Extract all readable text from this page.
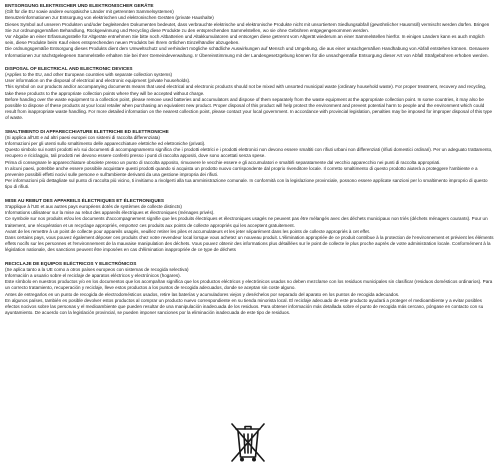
ENTSORGUNG ELEKTRISCHER UND ELEKTRONISCHER GERÄTE
(Gilt für die EU sowie andere europäische Länder mit getrennten Sammelsystemen)
Benutzerinformationen zur Entsorgung von elektrischen und elektronischen Geräten (private Haushalte)
Dieses Symbol auf unseren Produkten und/oder begleitenden Dokumenten bedeutet, dass verbrauchte elektrische und elektronische Produkte nicht mit unsortiertem Siedlungsabfall (gewöhnlicher Hausmüll) vermischt werden dürfen. Bringen Sie zur ordnungsgemäßen Behandlung, Rückgewinnung und Recycling diese Produkte zu den entsprechenden Sammelstellen, wo sie ohne Gebühren entgegengenommen werden.
Vor Abgabe an einer Erfassungsstelle für Altgeräte entnehmen Sie bitte noch Altbatterien und Altakkumulatoren und entsorgen diese getrennt vom Altgerät wiederum an einer Sammelstellen hierfür. In einigen Ländern kann es auch möglich sein, diese Produkte beim Kauf eines entsprechenden neuen Produkts bei Ihrem örtlichen Einzelhändler abzugeben.
Die ordnungsgemäße Entsorgung dieses Produkts dient dem Umweltschutz und verhindert mögliche schädliche Auswirkungen auf Mensch und Umgebung, die aus einer unsachgemäßen Handhabung von Abfall entstehen können. Genauere Informationen zur nächstgelegenen Sammelstelle erhalten Sie bei Ihrer Gemeindeverwaltung. Ir Übereinstimmung mit der Landesgesetzgebung können für die unsachgemäße Entsorgung dieser Art von Abfall Strafgebühren erhoben werden.
DISPOSAL OF ELECTRICAL AND ELECTRONIC DEVICES
(Applies to the EU, and other European countries with separate collection systems)
User information on the disposal of electrical and electronic equipment (private households).
This symbol on our products and/or accompanying documents means that used electrical and electronic products should not be mixed with unsorted municipal waste (ordinary household waste). For proper treatment, recovery and recycling, take these products to the appropriate collection points where they will be accepted without charge.
Before handing over the waste equipment to a collection point, please remove used batteries and accumulators and dispose of them separately from the waste equipment at the appropriate collection point. In some countries, it may also be possible to dispose of these products at your local retailer when purchasing an equivalent new product. Proper disposal of this product will help protect the environment and prevent potential harm to people and the environment which could result from inappropriate waste handling. For more detailed information on the nearest collection point, please contact your local government. In accordance with provincial legislation, penalties may be imposed for improper disposal of this type of waste.
SMALTIMENTO DI APPARECCHIATURE ELETTRICHE ED ELETTRONICHE
(Si applica all'UE e ad altri paesi europei con sistemi di raccolta differenziata)
Informazioni per gli utenti sullo smaltimento delle apparecchiature elettriche ed elettroniche (privati).
Questo simbolo sui nostri prodotti e/o sui documenti di accompagnamento significa che i prodotti elettrici e i prodotti elettronici non devono essere smaltiti con rifiuti urbani non differenziati (rifiuti domestici ordinari). Per un adeguato trattamento, recupero e riciclaggio, tali prodotti nei devono essere conferiti presso i punti di raccolta appositi, dove sono accettati senza spese.
Prima di consegnare le apparecchiature obsolete presso un punto di raccolta apposito, rimuovere le vecchie essere e gli accumulatori e smaltirli separatamente dal vecchio apparecchio nei punti di raccolta appropriati.
In alcuni paesi, potrebbe anche essere possibile acquistare questi prodotti quando si acquista un prodotto nuovo corrispondente dal proprio rivenditore locale. Il corretto smaltimento di questo prodotto aiuterà a proteggere l'ambiente e a prevenire possibili effetti nocivi sulle persone e sull'ambiente derivanti da una gestione impropria dei rifiuti.
Per informazioni più dettagliate sul punto di raccolta più vicino, ti invitiamo a rivolgerti alla tua amministrazione comunale. In conformità con la legislazione provinciale, possono essere applicate sanzioni per lo smaltimento improprio di questo tipo di rifiuti.
MISE AU REBUT DES APPAREILS ÉLECTRIQUES ET ÉLECTRONIQUES
S'applique à l'UE et aux autres pays européens dotés de systèmes de collecte distincts)
Informations utilisateur sur la mise au rebut des appareils électriques et électroniques (ménages privés).
Ce symbole sur nos produits et/ou les documents d'accompagnement signifie que les produits électriques et électroniques usagés ne peuvent pas être mélangés avec des déchets municipaux non triés (déchets ménagers courants). Pour un traitement, une récupération et un recyclage appropriés, emportez ces produits aux points de collecte appropriés qui les acceptent gratuitement.
Avant de les remettre à un point de collecte pour appareils usagés, veuillez retirer les piles et accumulateurs et les jeter séparément dans les points de collecte appropriés à cet effet.
Dans certains pays, vous pouvez également déposer ces produits chez votre revendeur local lorsque vous achetez un nouveau produit. L'élimination appropriée de ce produit contribue à la protection de l'environnement et prévient les éléments effets nocifs sur les personnes et l'environnement de la mauvaise manipulation des déchets. Vous pouvez obtenir des informations plus détaillées sur le point de collecte le plus proche auprès de votre administration locale. Conformément à la législation nationale, des sanctions peuvent être imposées en cas d'élimination inappropriée de ce type de déchets
RECICLAJE DE EQUIPOS ELÉCTRICOS Y ELECTRÓNICOS
(Se aplica tanto a la UE como a otros países europeos con sistemas de recogida selectiva)
Información a usuario sobre el reciclaje de aparatos eléctricos y electrónicos (hogares).
Este símbolo en nuestros productos y/o en los documentos que los acompañan significa que los productos eléctricos y electrónicos usados no deben mezclarse con los residuos municipales sin clasificar (residuos domésticos ordinarios). Para un correcto tratamiento, recuperación y reciclaje, lleve estos productos a los puntos de recogida adecuados, donde se aceptan sin coste alguno.
Antes de entregarlos en un punto de recogida de electrodomésticos usados, retire las baterías y acumuladores viejos y deséchelos por separado del aparato en los puntos de recogida adecuados.
En algunos países, también es posible devolver estos productos al comprar un producto nuevo correspondiente en su tienda minorista local. El reciclaje adecuado de este producto ayudará a proteger el medioambiente y a evitar posibles efectos nocivos sobre las personas y el medioambiente que pueden resultar de una manipulación inadecuada de los residuos. Para obtener información más detallada sobre el punto de recogida más cercano, póngase en contacto con su ayuntamiento. De acuerdo con la legislación provincial, se pueden imponer sanciones por la eliminación inadecuada de este tipo de residuos.
